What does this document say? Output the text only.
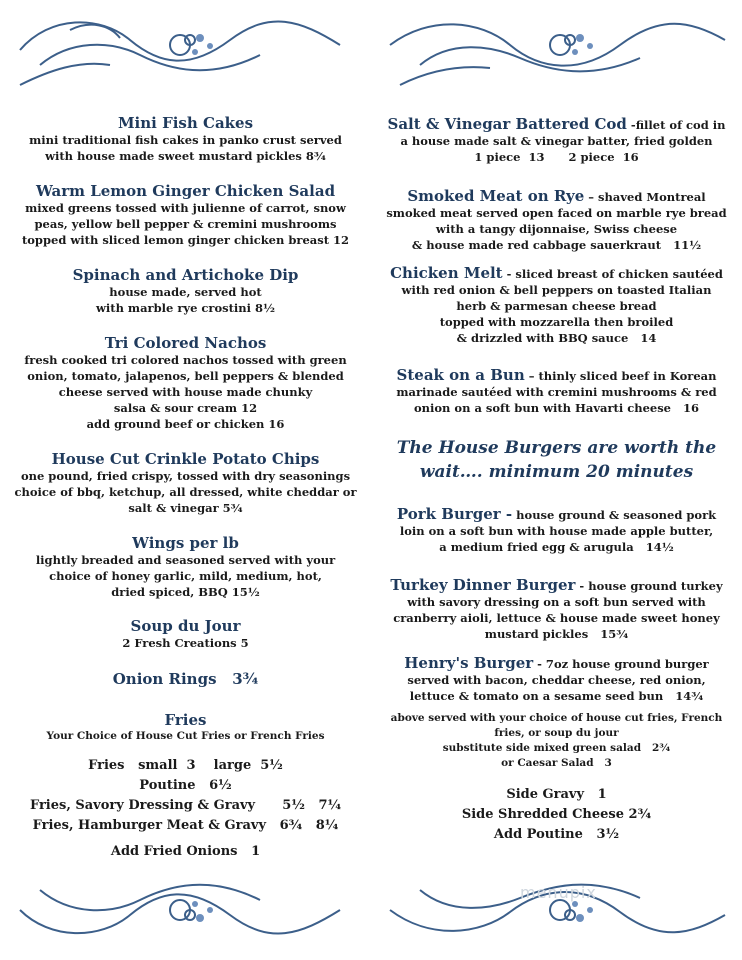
Mini Fish Cakes
mini traditional fish cakes in panko crust served
with house made sweet mustard pickles 8¾
Warm Lemon Ginger Chicken Salad
mixed greens tossed with julienne of carrot, snow
peas, yellow bell pepper & cremini mushrooms
topped with sliced lemon ginger chicken breast 12
Spinach and Artichoke Dip
house made, served hot
with marble rye crostini 8½
Tri Colored Nachos
fresh cooked tri colored nachos tossed with green
onion, tomato, jalapenos, bell peppers & blended
cheese served with house made chunky
salsa & sour cream 12
add ground beef or chicken 16
House Cut Crinkle Potato Chips
one pound, fried crispy, tossed with dry seasonings
choice of bbq, ketchup, all dressed, white cheddar or
salt & vinegar 5¾
Wings per lb
lightly breaded and seasoned served with your
choice of honey garlic, mild, medium, hot,
dried spiced, BBQ 15½
Soup du Jour
2 Fresh Creations 5
Onion Rings   3¾
Fries
Your Choice of House Cut Fries or French Fries
Fries   small  3    large  5½
Poutine   6½
Fries, Savory Dressing & Gravy      5½   7¼
Fries, Hamburger Meat & Gravy   6¾   8¼
Add Fried Onions   1
Salt & Vinegar Battered Cod -fillet of cod in
a house made salt & vinegar batter, fried golden
1 piece  13      2 piece  16
Smoked Meat on Rye – shaved Montreal
smoked meat served open faced on marble rye bread
with a tangy dijonnaise, Swiss cheese
& house made red cabbage sauerkraut   11½
Chicken Melt - sliced breast of chicken sautéed
with red onion & bell peppers on toasted Italian
herb & parmesan cheese bread
topped with mozzarella then broiled
& drizzled with BBQ sauce   14
Steak on a Bun – thinly sliced beef in Korean
marinade sautéed with cremini mushrooms & red
onion on a soft bun with Havarti cheese   16
The House Burgers are worth the
wait…. minimum 20 minutes
Pork Burger - house ground & seasoned pork
loin on a soft bun with house made apple butter,
a medium fried egg & arugula   14½
Turkey Dinner Burger - house ground turkey
with savory dressing on a soft bun served with
cranberry aioli, lettuce & house made sweet honey
mustard pickles   15¾
Henry's Burger - 7oz house ground burger
served with bacon, cheddar cheese, red onion,
lettuce & tomato on a sesame seed bun   14¾
above served with your choice of house cut fries, French
fries, or soup du jour
substitute side mixed green salad   2¾
or Caesar Salad   3
Side Gravy   1
Side Shredded Cheese 2¾
Add Poutine   3½
menupix
